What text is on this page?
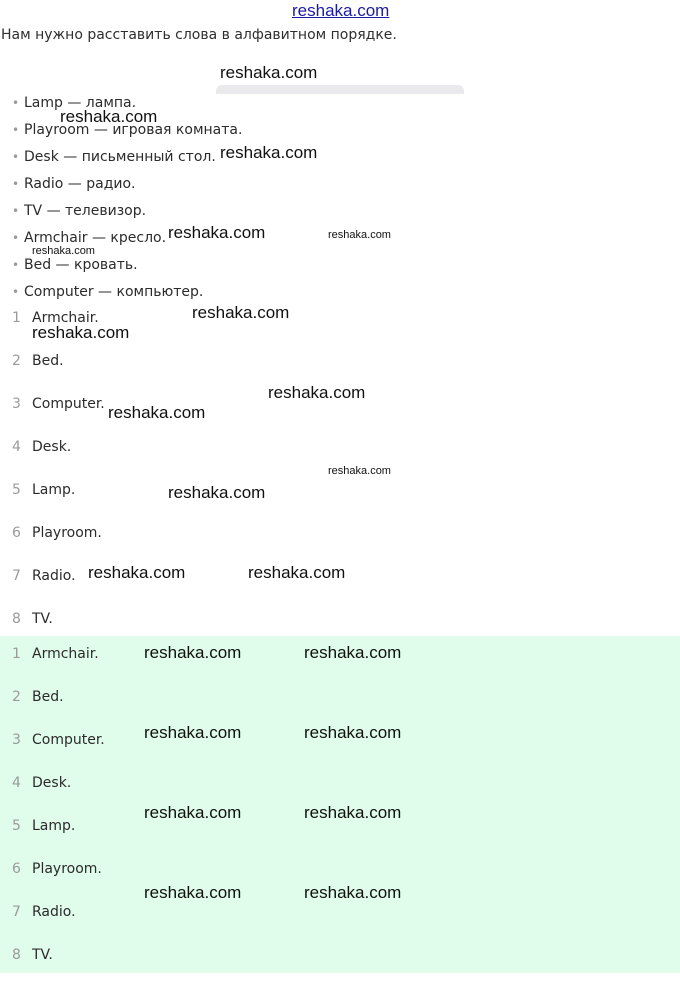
reshaka.com
Нам нужно расставить слова в алфавитном порядке.
• Lamp — лампа.
• Playroom — игровая комната.
• Desk — письменный стол.
• Radio — радио.
• TV — телевизор.
• Armchair — кресло.
• Bed — кровать.
• Computer — компьютер.
1 Armchair.
2 Bed.
3 Computer.
4 Desk.
5 Lamp.
6 Playroom.
7 Radio.
8 TV.
1 Armchair.
2 Bed.
3 Computer.
4 Desk.
5 Lamp.
6 Playroom.
7 Radio.
8 TV.
reshaka.com
reshaka.com
reshaka.com
reshaka.com	reshaka.com
reshaka.com
reshaka.com
reshaka.com
reshaka.com
reshaka.com
reshaka.com
reshaka.com
reshaka.com	reshaka.com
reshaka.com	reshaka.com
reshaka.com	reshaka.com
reshaka.com	reshaka.com
reshaka.com	reshaka.com
